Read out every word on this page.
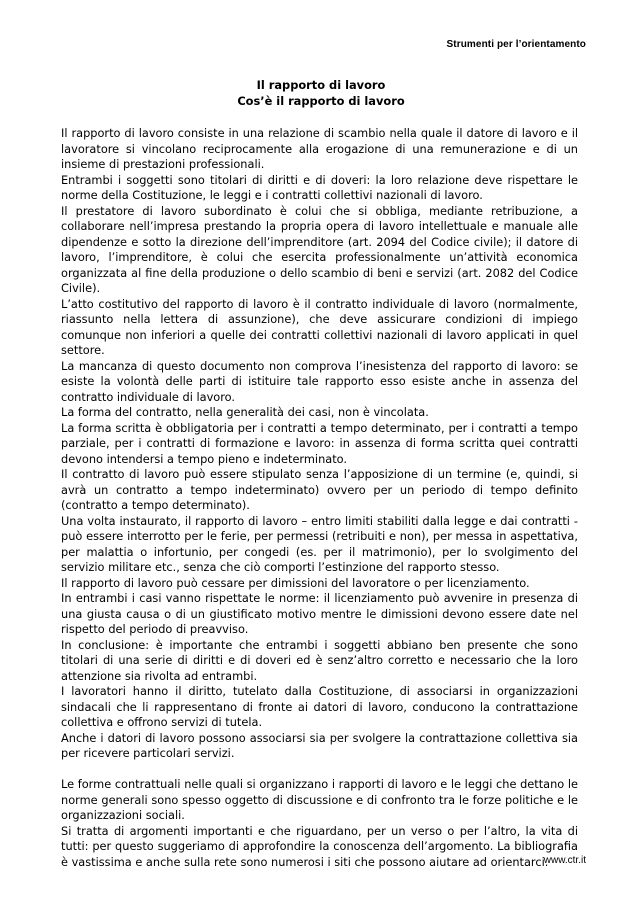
Strumenti per l’orientamento
Il rapporto di lavoro
Cos’è il rapporto di lavoro

Il rapporto di lavoro consiste in una relazione di scambio nella quale il datore di lavoro e il lavoratore si vincolano reciprocamente alla erogazione di una remunerazione e di un insieme di prestazioni professionali.

Entrambi i soggetti sono titolari di diritti e di doveri: la loro relazione deve rispettare le norme della Costituzione, le leggi e i contratti collettivi nazionali di lavoro.

Il prestatore di lavoro subordinato è colui che si obbliga, mediante retribuzione, a collaborare nell’impresa prestando la propria opera di lavoro intellettuale e manuale alle dipendenze e sotto la direzione dell’imprenditore (art. 2094 del Codice civile); il datore di lavoro, l’imprenditore, è colui che esercita professionalmente un’attività economica organizzata al fine della produzione o dello scambio di beni e servizi (art. 2082 del Codice Civile).

L’atto costitutivo del rapporto di lavoro è il contratto individuale di lavoro (normalmente, riassunto nella lettera di assunzione), che deve assicurare condizioni di impiego comunque non inferiori a quelle dei contratti collettivi nazionali di lavoro applicati in quel settore.

La mancanza di questo documento non comprova l’inesistenza del rapporto di lavoro: se esiste la volontà delle parti di istituire tale rapporto esso esiste anche in assenza del contratto individuale di lavoro.

La forma del contratto, nella generalità dei casi, non è vincolata.

La forma scritta è obbligatoria per i contratti a tempo determinato, per i contratti a tempo parziale, per i contratti di formazione e lavoro: in assenza di forma scritta quei contratti devono intendersi a tempo pieno e indeterminato.

Il contratto di lavoro può essere stipulato senza l’apposizione di un termine (e, quindi, si avrà un contratto a tempo indeterminato) ovvero per un periodo di tempo definito (contratto a tempo determinato).

Una volta instaurato, il rapporto di lavoro – entro limiti stabiliti dalla legge e dai contratti - può essere interrotto per le ferie, per permessi (retribuiti e non), per messa in aspettativa, per malattia o infortunio, per congedi (es. per il matrimonio), per lo svolgimento del servizio militare etc., senza che ciò comporti l’estinzione del rapporto stesso.

Il rapporto di lavoro può cessare per dimissioni del lavoratore o per licenziamento.

In entrambi i casi vanno rispettate le norme: il licenziamento può avvenire in presenza di una giusta causa o di un giustificato motivo mentre le dimissioni devono essere date nel rispetto del periodo di preavviso.

In conclusione: è importante che entrambi i soggetti abbiano ben presente che sono titolari di una serie di diritti e di doveri ed è senz’altro corretto e necessario che la loro attenzione sia rivolta ad entrambi.

I lavoratori hanno il diritto, tutelato dalla Costituzione, di associarsi in organizzazioni sindacali che li rappresentano di fronte ai datori di lavoro, conducono la contrattazione collettiva e offrono servizi di tutela.

Anche i datori di lavoro possono associarsi sia per svolgere la contrattazione collettiva sia per ricevere particolari servizi.

Le forme contrattuali nelle quali si organizzano i rapporti di lavoro e le leggi che dettano le norme generali sono spesso oggetto di discussione e di confronto tra le forze politiche e le organizzazioni sociali.

Si tratta di argomenti importanti e che riguardano, per un verso o per l’altro, la vita di tutti: per questo suggeriamo di approfondire la conoscenza dell’argomento. La bibliografia è vastissima e anche sulla rete sono numerosi i siti che possono aiutare ad orientarci.

www.ctr.it
